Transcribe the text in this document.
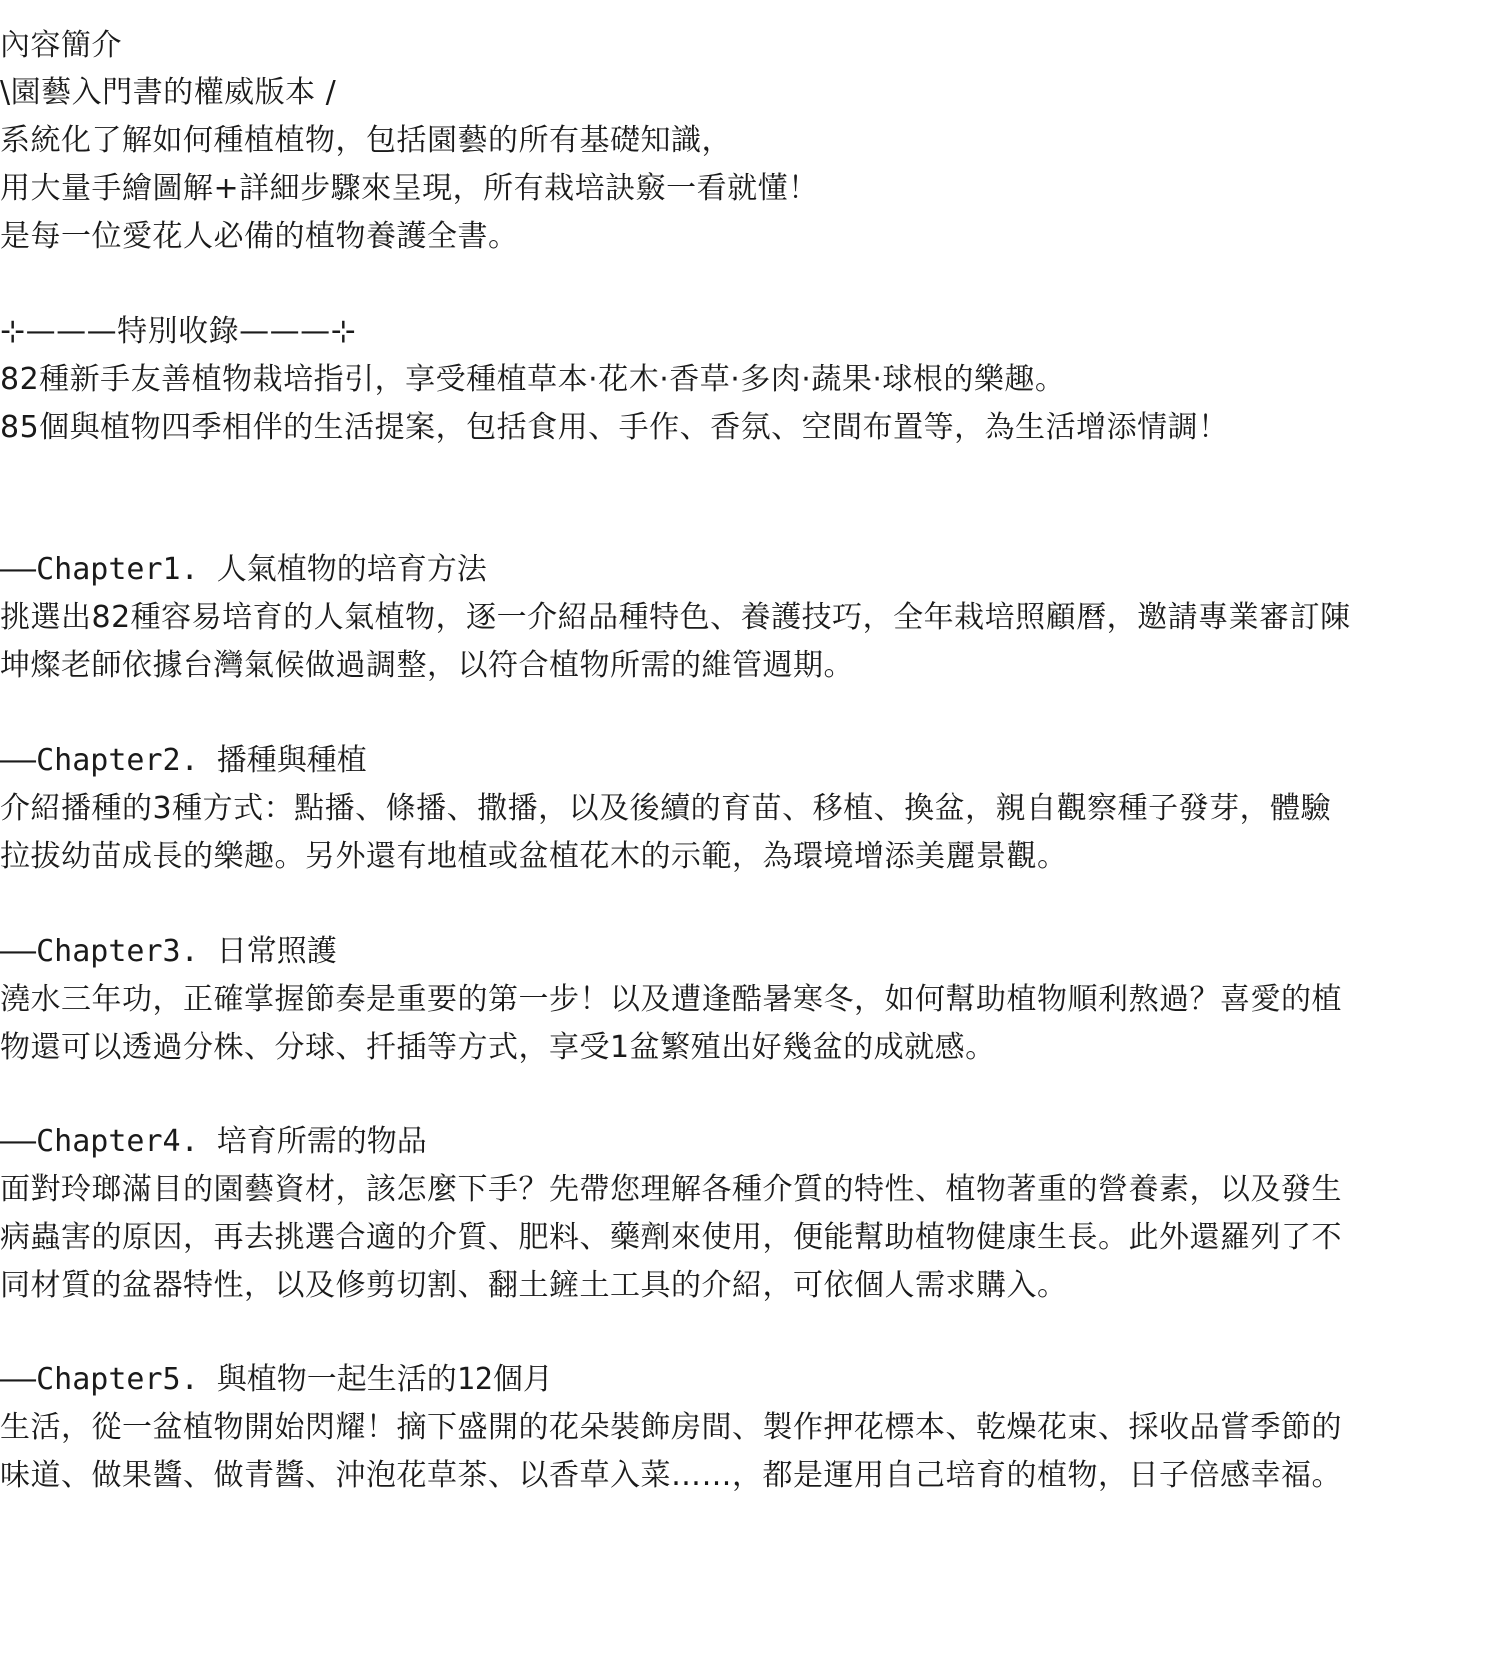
內容簡介

\園藝入門書的權威版本 /

系統化了解如何種植植物，包括園藝的所有基礎知識，

用大量手繪圖解+詳細步驟來呈現，所有栽培訣竅一看就懂！

是每一位愛花人必備的植物養護全書。

⊹———特別收錄———⊹

82種新手友善植物栽培指引，享受種植草本·花木·香草·多肉·蔬果·球根的樂趣。

85個與植物四季相伴的生活提案，包括食用、手作、香氛、空間布置等，為生活增添情調！

——Chapter1. 人氣植物的培育方法

挑選出82種容易培育的人氣植物，逐一介紹品種特色、養護技巧，全年栽培照顧曆，邀請專業審訂陳

坤燦老師依據台灣氣候做過調整，以符合植物所需的維管週期。

——Chapter2. 播種與種植

介紹播種的3種方式：點播、條播、撒播，以及後續的育苗、移植、換盆，親自觀察種子發芽，體驗

拉拔幼苗成長的樂趣。另外還有地植或盆植花木的示範，為環境增添美麗景觀。

——Chapter3. 日常照護

澆水三年功，正確掌握節奏是重要的第一步！以及遭逢酷暑寒冬，如何幫助植物順利熬過？喜愛的植

物還可以透過分株、分球、扦插等方式，享受1盆繁殖出好幾盆的成就感。

——Chapter4. 培育所需的物品

面對玲瑯滿目的園藝資材，該怎麼下手？先帶您理解各種介質的特性、植物著重的營養素，以及發生

病蟲害的原因，再去挑選合適的介質、肥料、藥劑來使用，便能幫助植物健康生長。此外還羅列了不

同材質的盆器特性，以及修剪切割、翻土鏟土工具的介紹，可依個人需求購入。

——Chapter5. 與植物一起生活的12個月

生活，從一盆植物開始閃耀！摘下盛開的花朵裝飾房間、製作押花標本、乾燥花束、採收品嘗季節的

味道、做果醬、做青醬、沖泡花草茶、以香草入菜……，都是運用自己培育的植物，日子倍感幸福。
